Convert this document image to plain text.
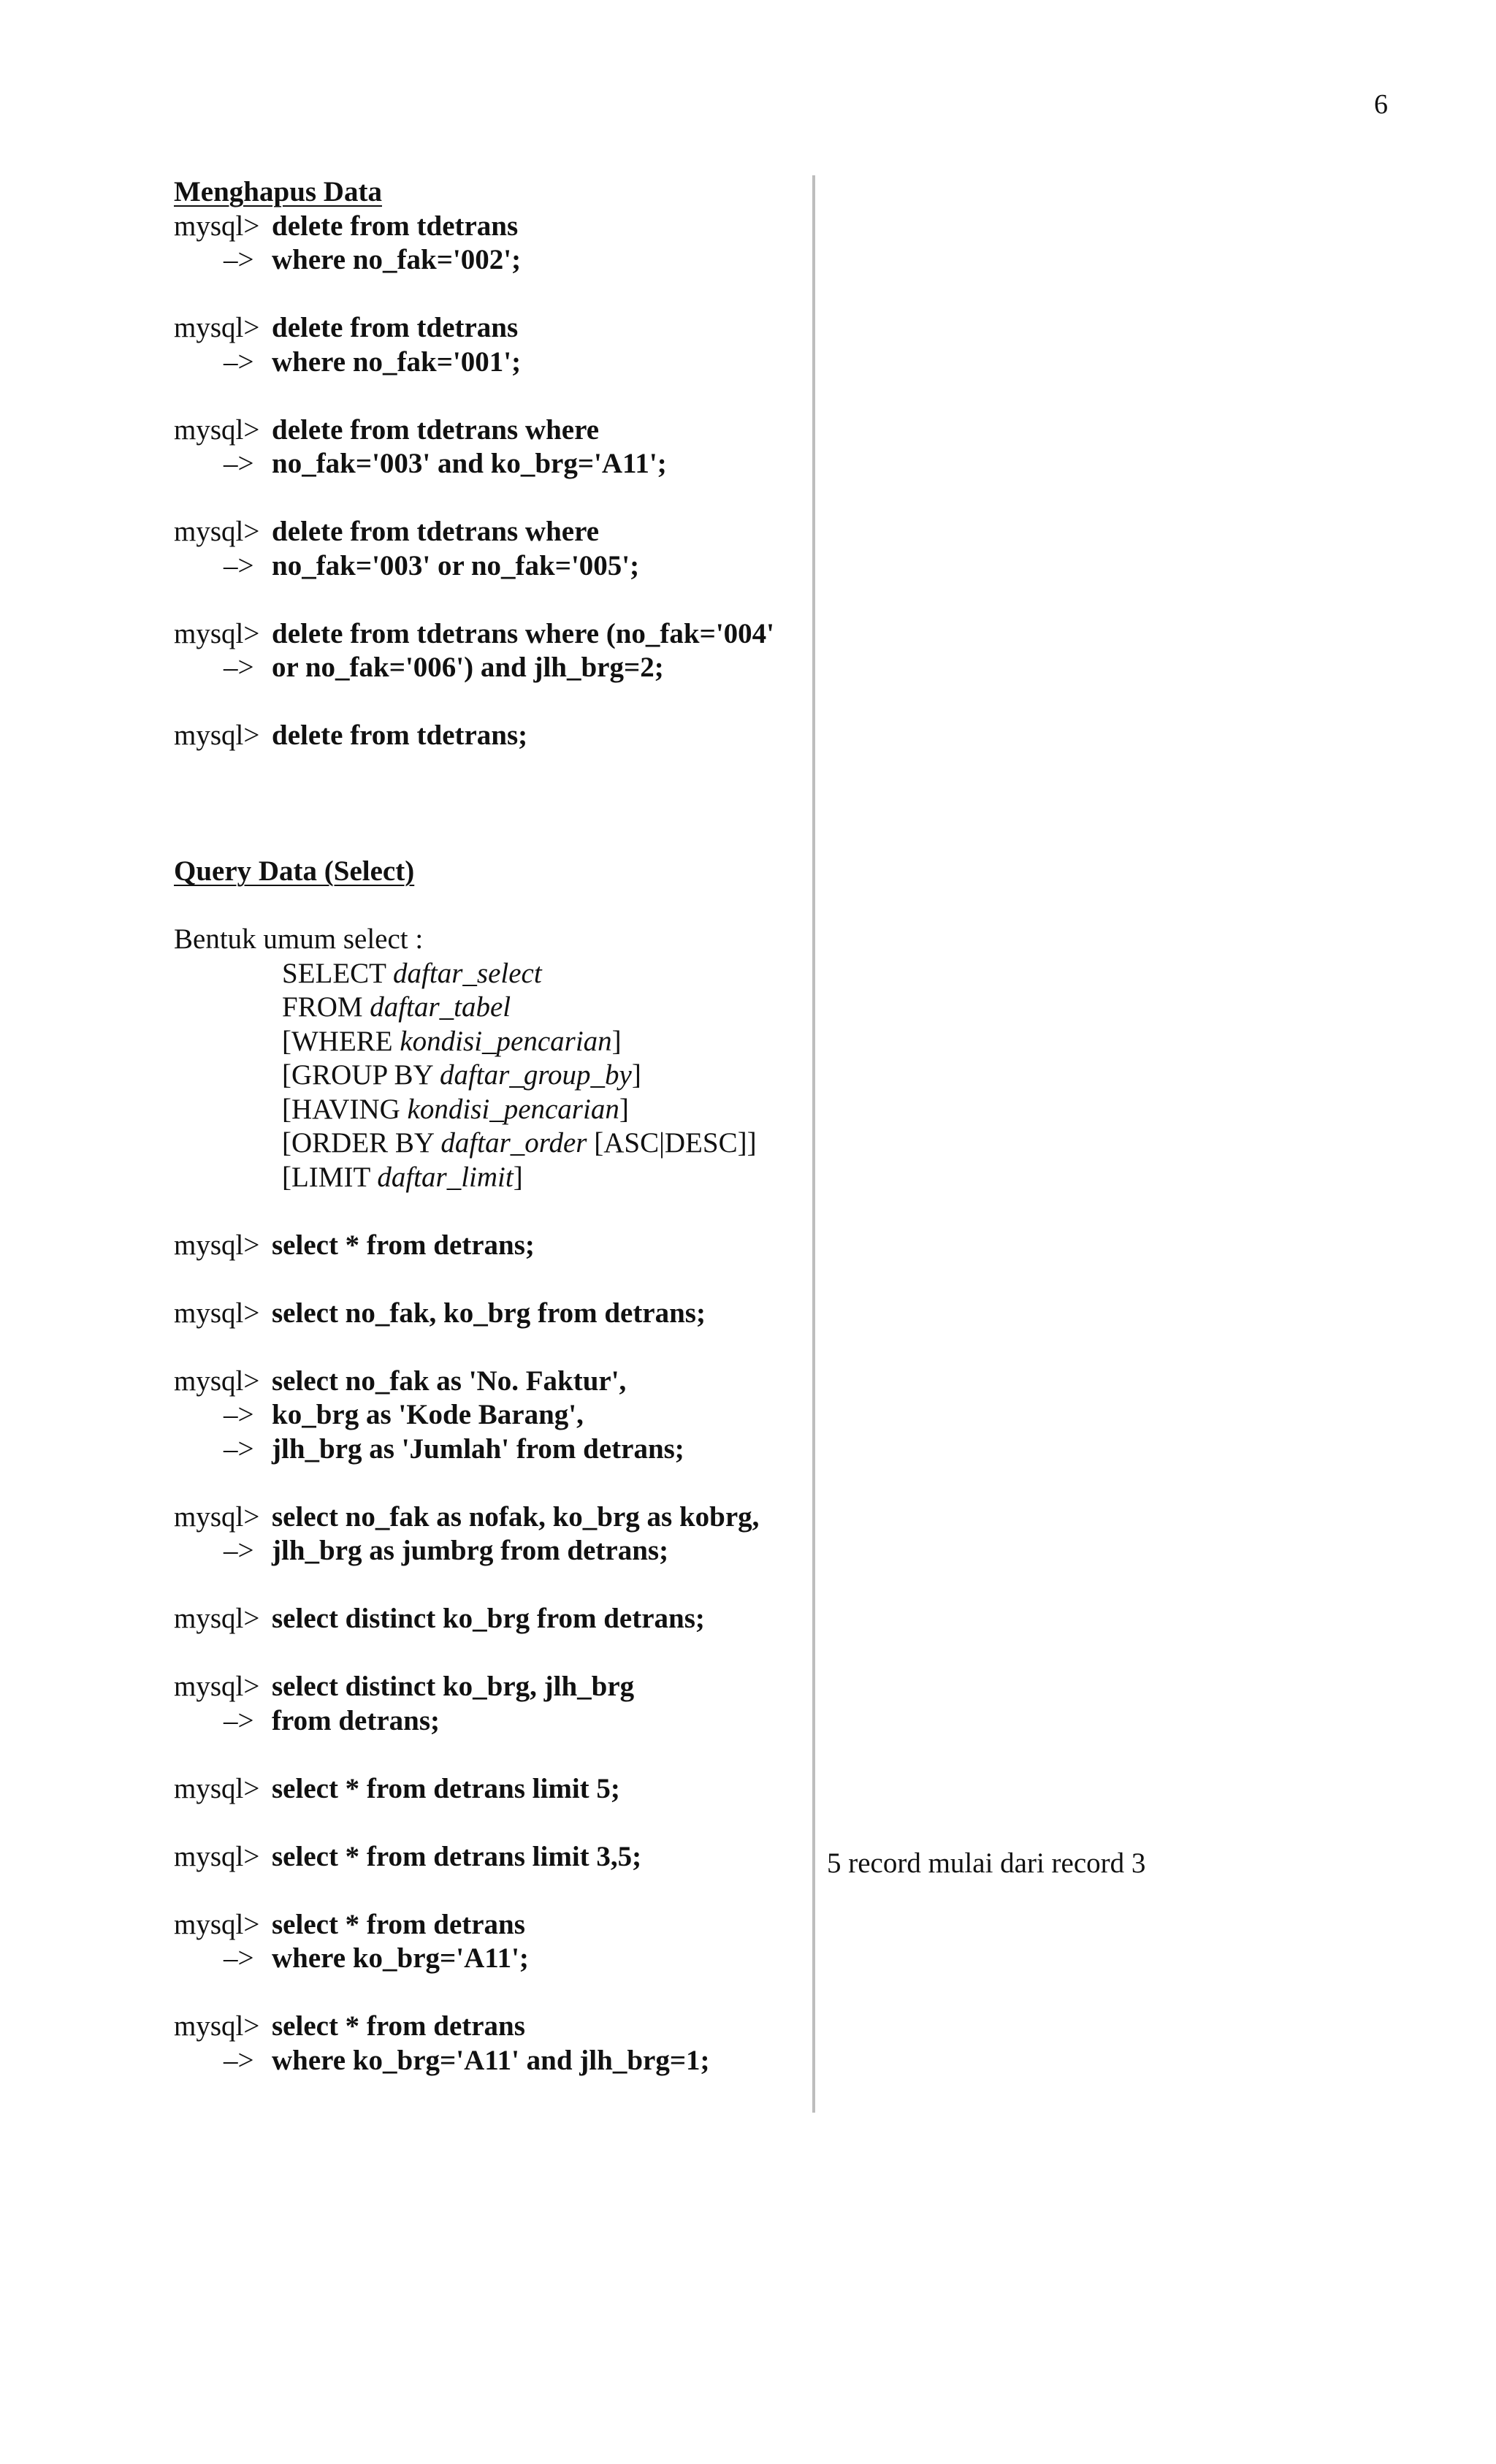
6
Menghapus Data
mysql> delete from tdetrans
–> where no_fak='002';
mysql> delete from tdetrans
–> where no_fak='001';
mysql> delete from tdetrans where
–> no_fak='003' and ko_brg='A11';
mysql> delete from tdetrans where
–> no_fak='003' or no_fak='005';
mysql> delete from tdetrans where (no_fak='004'
–> or no_fak='006') and jlh_brg=2;
mysql> delete from tdetrans;
Query Data (Select)
Bentuk umum select :
SELECT daftar_select
FROM daftar_tabel
[WHERE kondisi_pencarian]
[GROUP BY daftar_group_by]
[HAVING kondisi_pencarian]
[ORDER BY daftar_order [ASC|DESC]]
[LIMIT daftar_limit]
mysql> select * from detrans;
mysql> select no_fak, ko_brg from detrans;
mysql> select no_fak as 'No. Faktur',
–> ko_brg as 'Kode Barang',
–> jlh_brg as 'Jumlah' from detrans;
mysql> select no_fak as nofak, ko_brg as kobrg,
–> jlh_brg as jumbrg from detrans;
mysql> select distinct ko_brg from detrans;
mysql> select distinct ko_brg, jlh_brg
–> from detrans;
mysql> select * from detrans limit 5;
mysql> select * from detrans limit 3,5;
mysql> select * from detrans
–> where ko_brg='A11';
mysql> select * from detrans
–> where ko_brg='A11' and jlh_brg=1;
5 record mulai dari record 3
